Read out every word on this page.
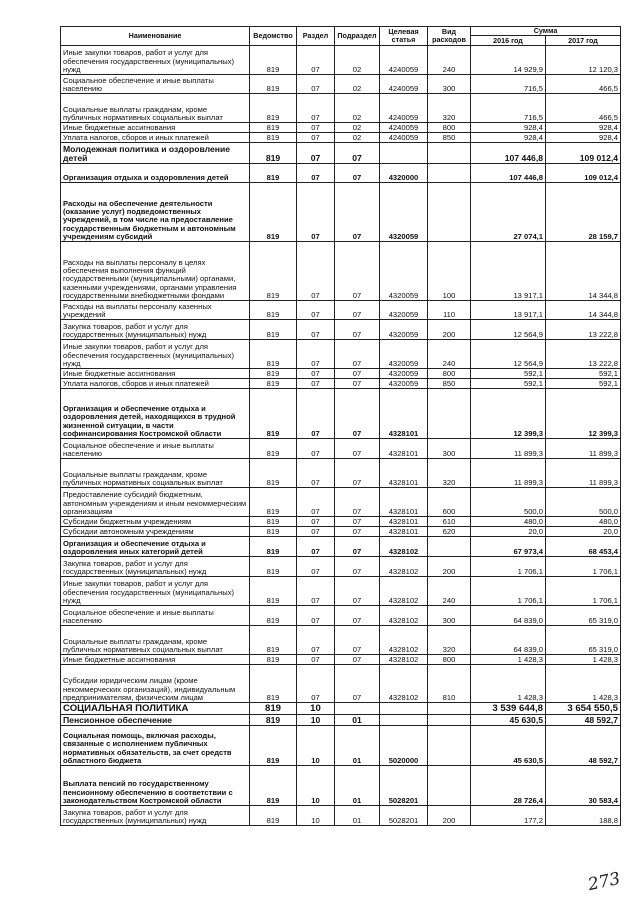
Наименование	Ведомство	Раздел	Подраздел	Целевая статья	Вид расходов	Сумма	
						2016 год	2017 год
Иные закупки товаров, работ и услуг для обеспечения государственных (муниципальных) нужд	819	07	02	4240059	240	14 929,9	12 120,3
Социальное обеспечение и иные выплаты населению	819	07	02	4240059	300	716,5	466,5
Социальные выплаты гражданам, кроме публичных нормативных социальных выплат	819	07	02	4240059	320	716,5	466,5
Иные бюджетные ассигнования	819	07	02	4240059	800	928,4	928,4
Уплата налогов, сборов и иных платежей	819	07	02	4240059	850	928,4	928,4
Молодежная политика и оздоровление детей	819	07	07			107 446,8	109 012,4
Организация отдыха и оздоровления детей	819	07	07	4320000		107 446,8	109 012,4
Расходы на обеспечение деятельности (оказание услуг) подведомственных учреждений, в том числе на предоставление государственным бюджетным и автономным учреждениям субсидий	819	07	07	4320059		27 074,1	28 159,7
Расходы на выплаты персоналу в целях обеспечения выполнения функций государственными (муниципальными) органами, казенными учреждениями, органами управления государственными внебюджетными фондами	819	07	07	4320059	100	13 917,1	14 344,8
Расходы на выплаты персоналу казенных учреждений	819	07	07	4320059	110	13 917,1	14 344,8
Закупка товаров, работ и услуг для государственных (муниципальных) нужд	819	07	07	4320059	200	12 564,9	13 222,8
Иные закупки товаров, работ и услуг для обеспечения государственных (муниципальных) нужд	819	07	07	4320059	240	12 564,9	13 222,8
Иные бюджетные ассигнования	819	07	07	4320059	800	592,1	592,1
Уплата налогов, сборов и иных платежей	819	07	07	4320059	850	592,1	592,1
Организация и обеспечение отдыха и оздоровления детей, находящихся в трудной жизненной ситуации, в части софинансирования Костромской области	819	07	07	4328101		12 399,3	12 399,3
Социальное обеспечение и иные выплаты населению	819	07	07	4328101	300	11 899,3	11 899,3
Социальные выплаты гражданам, кроме публичных нормативных социальных выплат	819	07	07	4328101	320	11 899,3	11 899,3
Предоставление субсидий бюджетным, автономным учреждениям и иным некоммерческим организациям	819	07	07	4328101	600	500,0	500,0
Субсидии бюджетным учреждениям	819	07	07	4328101	610	480,0	480,0
Субсидии автономным учреждениям	819	07	07	4328101	620	20,0	20,0
Организация и обеспечение отдыха и оздоровления иных категорий детей	819	07	07	4328102		67 973,4	68 453,4
Закупка товаров, работ и услуг для государственных (муниципальных) нужд	819	07	07	4328102	200	1 706,1	1 706,1
Иные закупки товаров, работ и услуг для обеспечения государственных (муниципальных) нужд	819	07	07	4328102	240	1 706,1	1 706,1
Социальное обеспечение и иные выплаты населению	819	07	07	4328102	300	64 839,0	65 319,0
Социальные выплаты гражданам, кроме публичных нормативных социальных выплат	819	07	07	4328102	320	64 839,0	65 319,0
Иные бюджетные ассигнования	819	07	07	4328102	800	1 428,3	1 428,3
Субсидии юридическим лицам (кроме некоммерческих организаций), индивидуальным предпринимателям, физическим лицам	819	07	07	4328102	810	1 428,3	1 428,3
СОЦИАЛЬНАЯ ПОЛИТИКА	819	10				3 539 644,8	3 654 550,5
Пенсионное обеспечение	819	10	01			45 630,5	48 592,7
Социальная помощь, включая расходы, связанные с исполнением публичных нормативных обязательств, за счет средств областного бюджета	819	10	01	5020000		45 630,5	48 592,7
Выплата пенсий по государственному пенсионному обеспечению в соответствии с законодательством Костромской области	819	10	01	5028201		28 726,4	30 583,4
Закупка товаров, работ и услуг для государственных (муниципальных) нужд	819	10	01	5028201	200	177,2	188,8
273
